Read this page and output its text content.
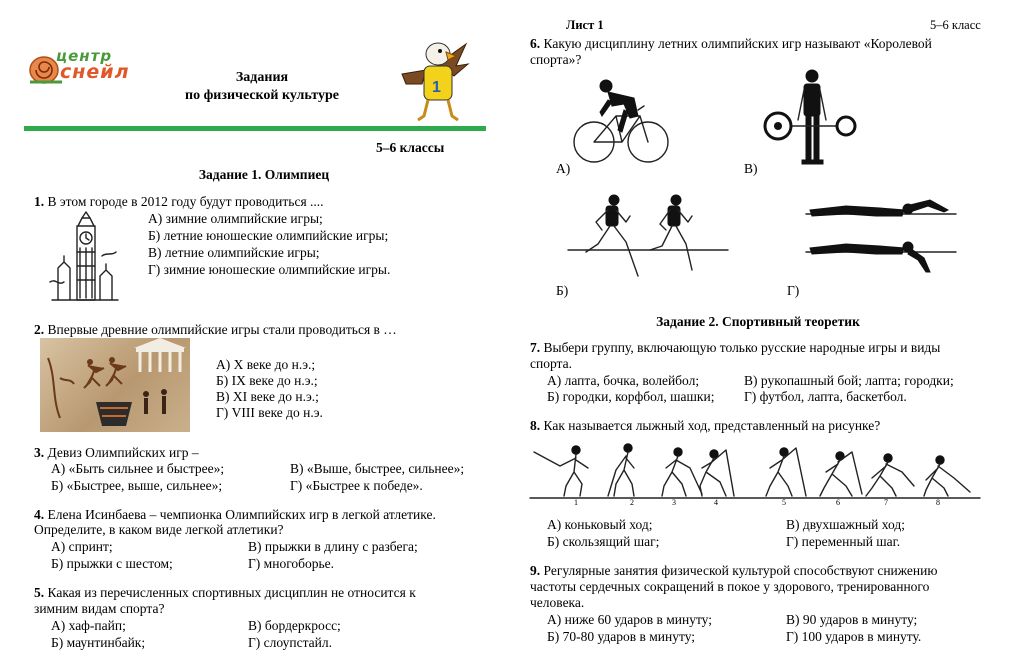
центр
снейл	Задания
по физической культуре	1
5–6 классы
Задание 1. Олимпиец
1. В этом городе в 2012 году будут проводиться ....
А) зимние олимпийские игры;
Б) летние юношеские олимпийские игры;
В) летние олимпийские игры;
Г) зимние юношеские олимпийские игры.
2. Впервые древние олимпийские игры стали проводиться в …
А) Х веке до н.э.;
Б) IX веке до н.э.;
В) XI веке до н.э.;
Г) VIII веке до н.э.
3. Девиз Олимпийских игр –
А) «Быть сильнее и быстрее»;	В) «Выше, быстрее, сильнее»;
Б) «Быстрее, выше, сильнее»;	Г) «Быстрее к победе».
4. Елена Исинбаева – чемпионка Олимпийских игр в легкой атлетике.
Определите, в каком виде легкой атлетики?
А) спринт;	В) прыжки в длину с разбега;
Б) прыжки с шестом;	Г) многоборье.
5. Какая из перечисленных спортивных дисциплин не относится к
зимним видам спорта?
А) хаф-пайп;	В) бордеркросс;
Б) маунтинбайк;	Г) слоупстайл.
Лист 1	5–6 класс
6. Какую дисциплину летних олимпийских игр называют «Королевой
спорта»?
А)	В)
Б)	Г)
Задание 2. Спортивный теоретик
7. Выбери группу, включающую только русские народные игры и виды
спорта.
А) лапта, бочка, волейбол;	В) рукопашный бой; лапта; городки;
Б) городки, корфбол, шашки; Г) футбол, лапта, баскетбол.
8. Как называется лыжный ход, представленный на рисунке?
1	2	3	4	5	6	7	8
А) коньковый ход;	В) двухшажный ход;
Б) скользящий шаг;	Г) переменный шаг.
9. Регулярные занятия физической культурой способствуют снижению
частоты сердечных сокращений в покое у здорового, тренированного
человека.
А) ниже 60 ударов в минуту;	В) 90 ударов в минуту;
Б) 70-80 ударов в минуту;	Г) 100 ударов в минуту.
